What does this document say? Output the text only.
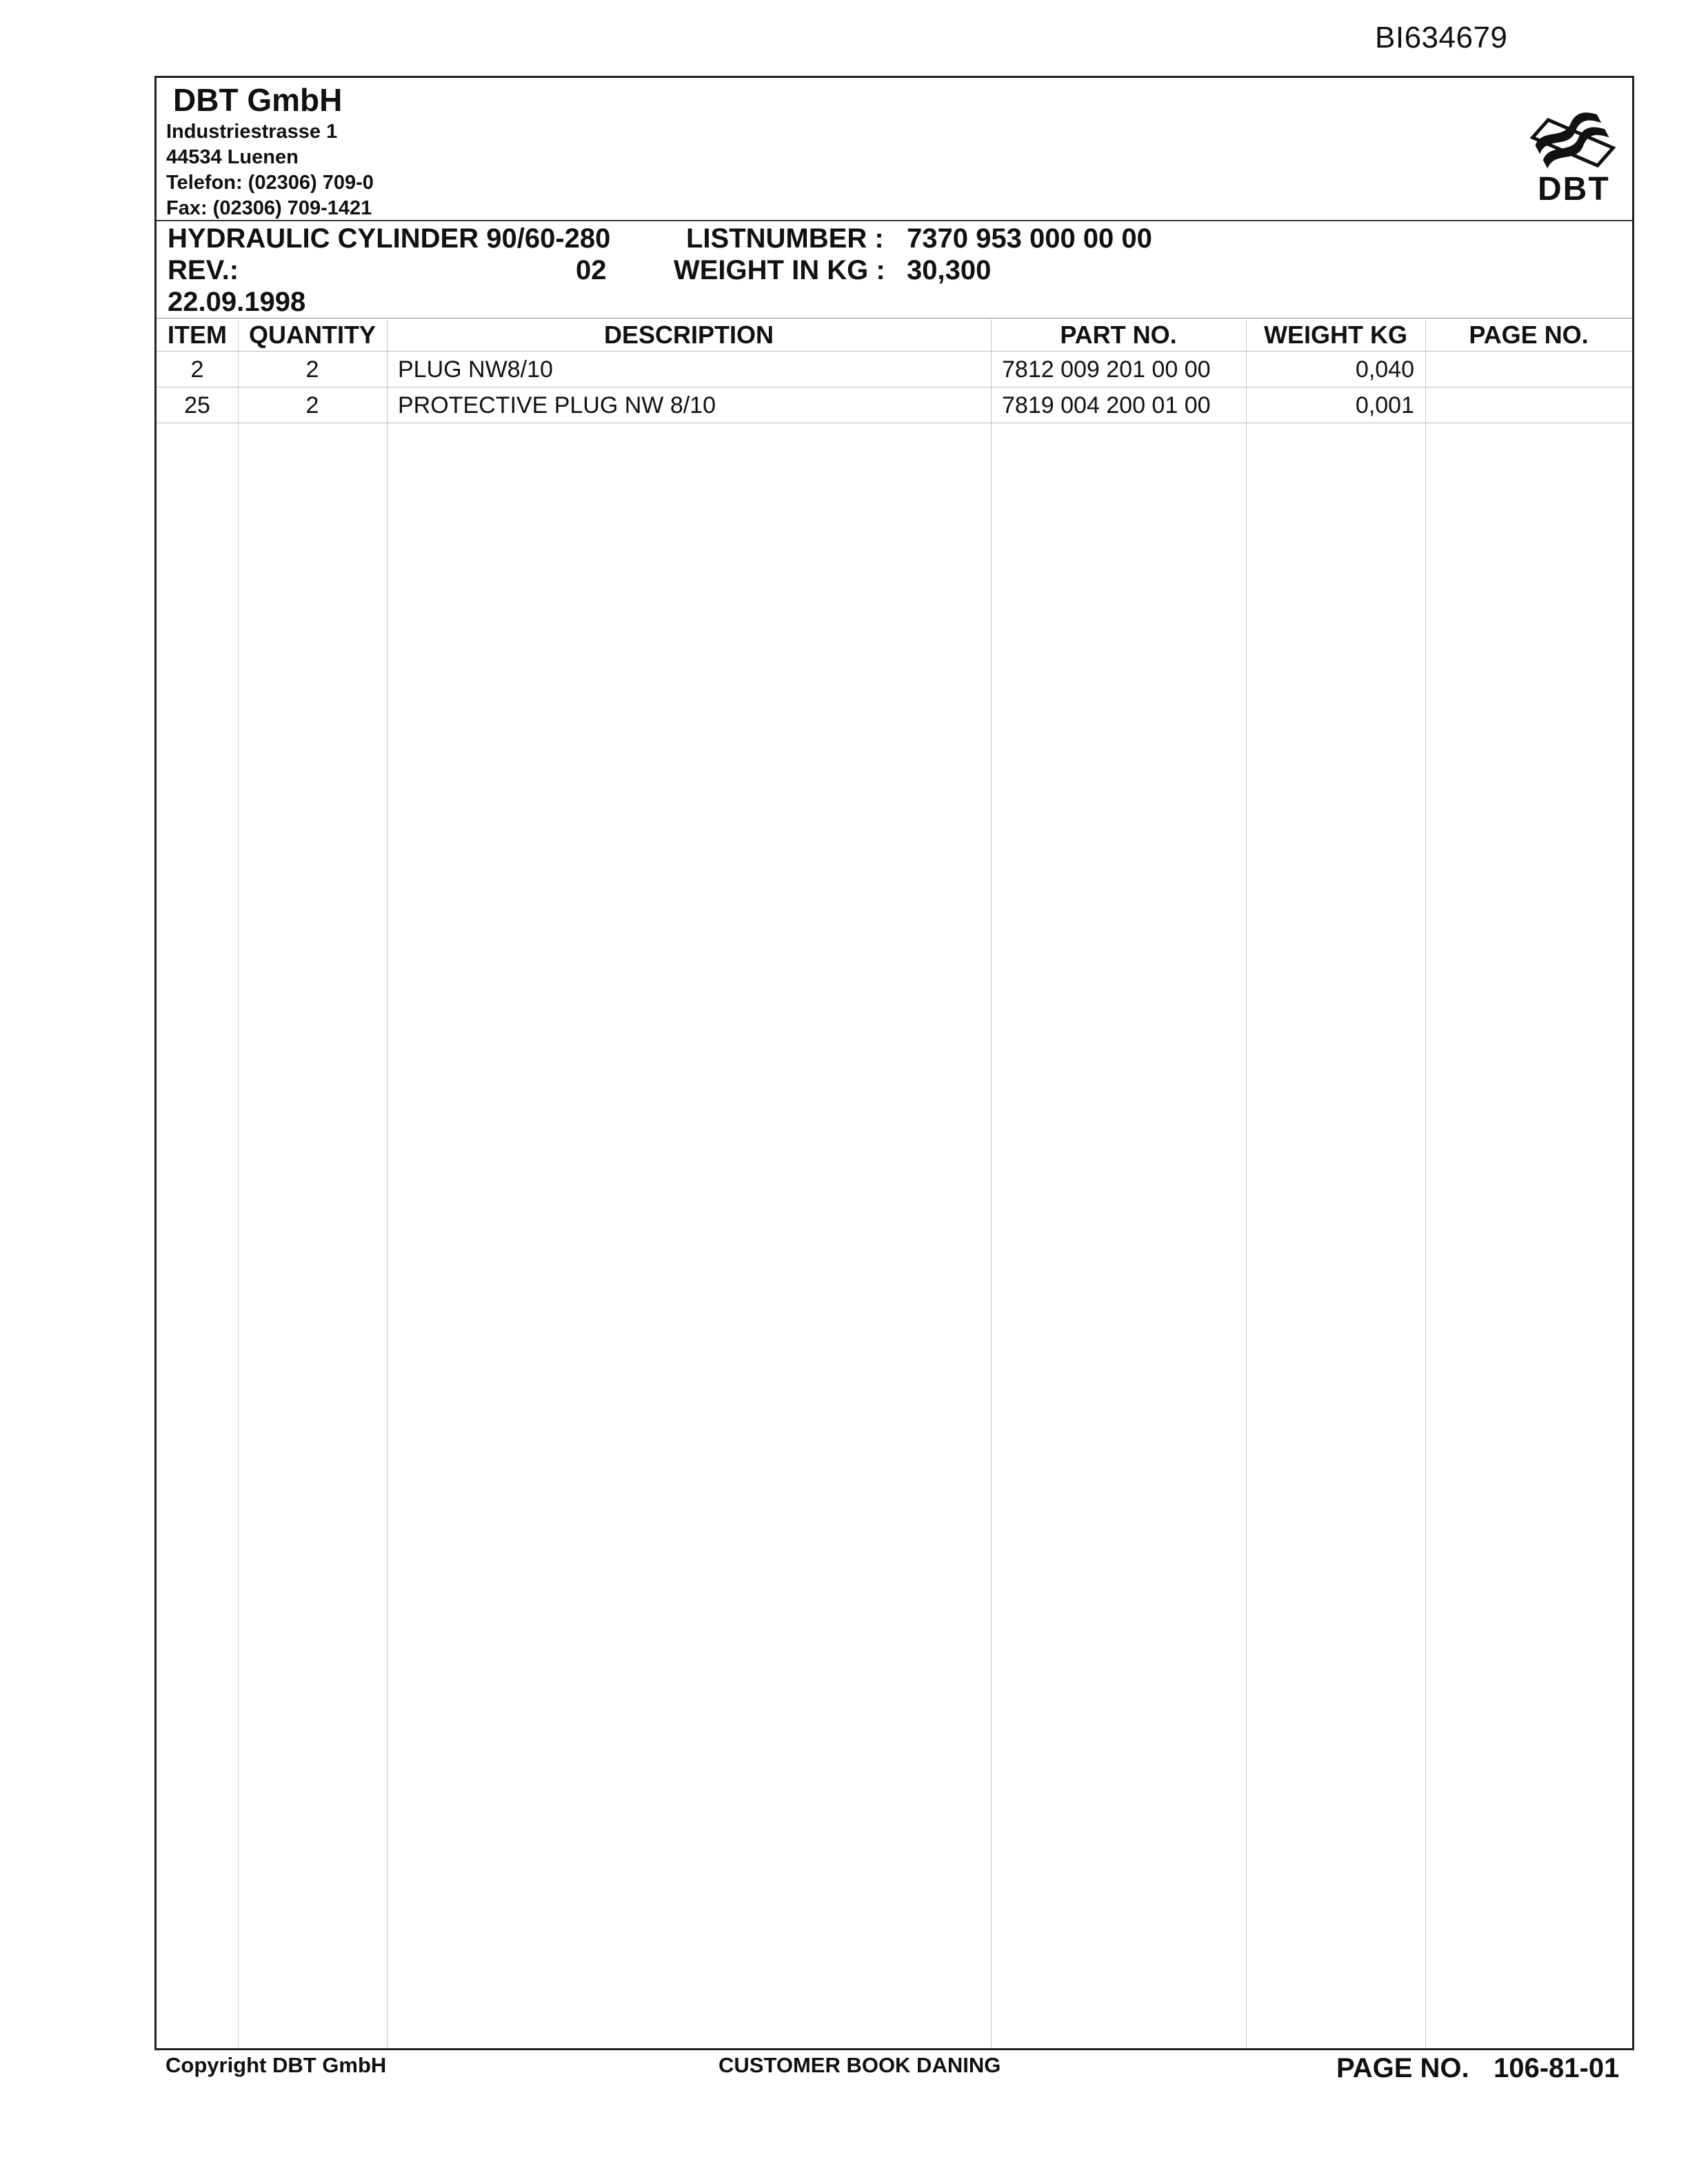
BI634679
DBT GmbH
Industriestrasse 1
44534 Luenen
Telefon: (02306) 709-0
Fax: (02306) 709-1421
DBT
HYDRAULIC CYLINDER 90/60-280	LISTNUMBER : 7370 953 000 00 00
REV.:	02 WEIGHT IN KG : 30,300
22.09.1998
ITEM QUANTITY	DESCRIPTION	PART NO.	WEIGHT KG	PAGE NO.
2	2	PLUG NW8/10	7812 009 201 00 00	0,040
25	2	PROTECTIVE PLUG NW 8/10	7819 004 200 01 00	0,001
Copyright DBT GmbH	CUSTOMER BOOK DANING	PAGE NO. 106-81-01
